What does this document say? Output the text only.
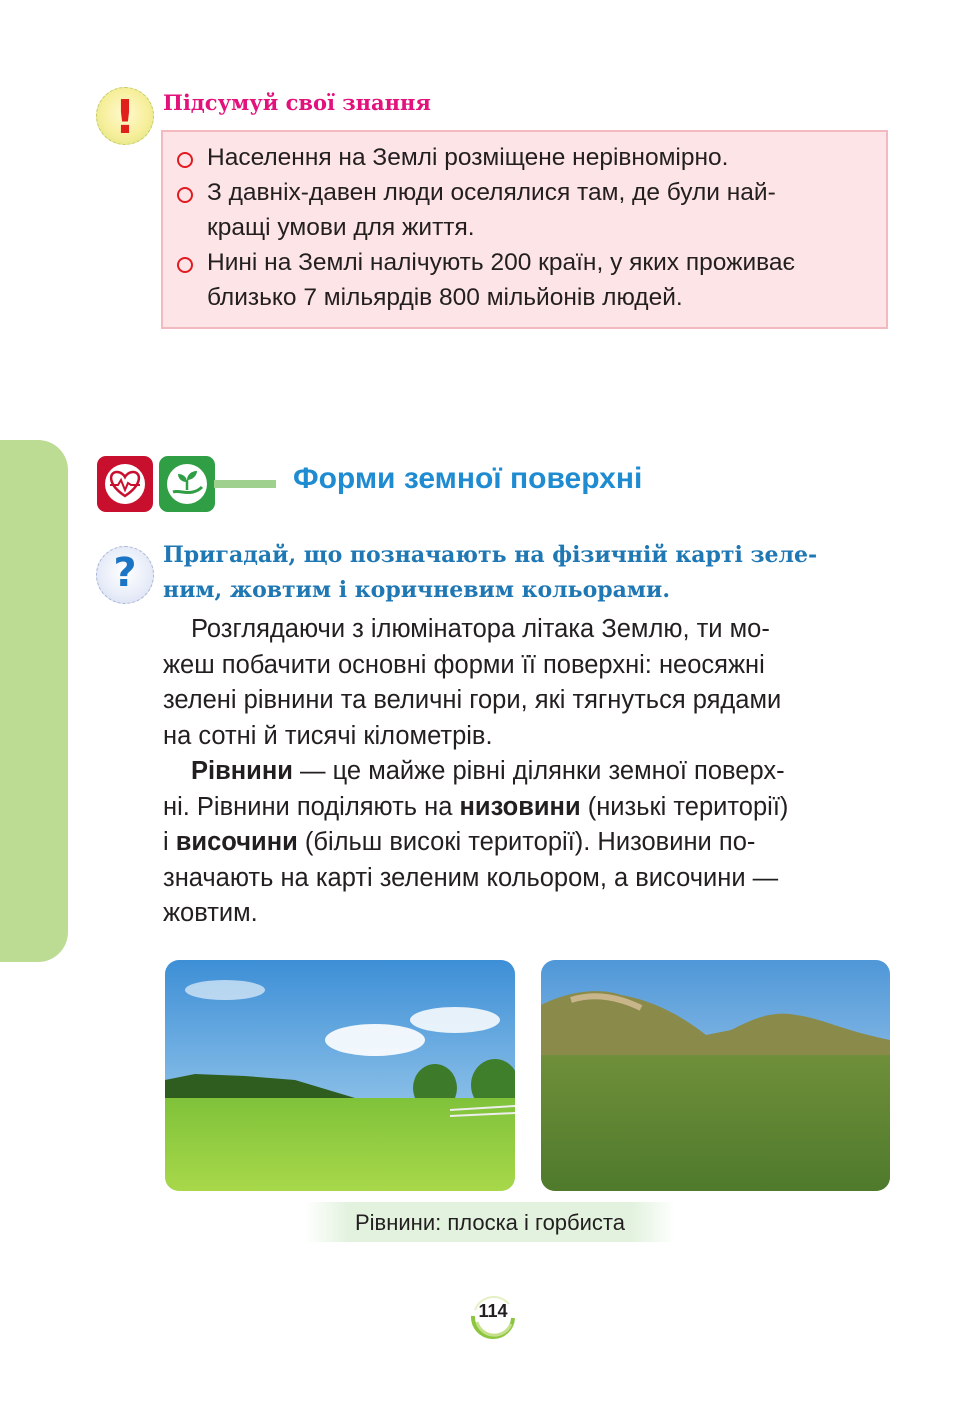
!	Підсумуй свої знання
Населення на Землі розміщене нерівномірно.
З давніх-давен люди оселялися там, де були най-
кращі умови для життя.
Нині на Землі налічують 200 країн, у яких проживає
близько 7 мільярдів 800 мільйонів людей.
Форми земної поверхні
?	Пригадай, що позначають на фізичній карті зеле-
ним, жовтим і коричневим кольорами.
Розглядаючи з ілюмінатора літака Землю, ти мо-
жеш побачити основні форми її поверхні: неосяжні
зелені рівнини та величні гори, які тягнуться рядами
на сотні й тисячі кілометрів.
Рівнини — це майже рівні ділянки земної поверх-
ні. Рівнини поділяють на низовини (низькі території)
і височини (більш високі території). Низовини по-
значають на карті зеленим кольором, а височини —
жовтим.
Рівнини: плоска і горбиста
114
